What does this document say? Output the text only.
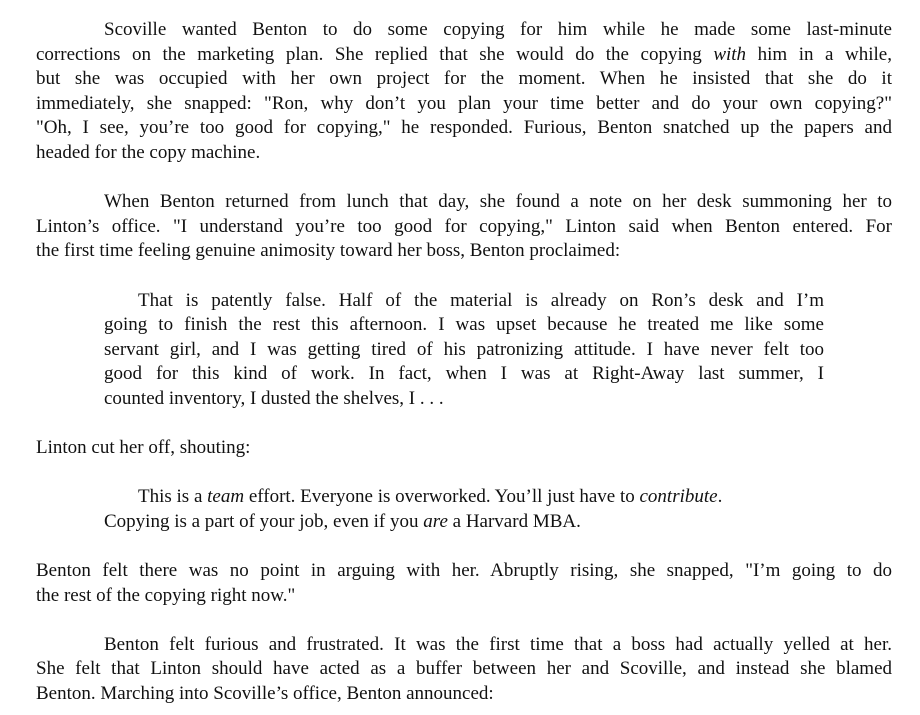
Scoville wanted Benton to do some copying for him while he made some last-minute
corrections on the marketing plan. She replied that she would do the copying with him in a while,
but she was occupied with her own project for the moment. When he insisted that she do it
immediately, she snapped: "Ron, why don’t you plan your time better and do your own copying?"
"Oh, I see, you’re too good for copying," he responded. Furious, Benton snatched up the papers and
headed for the copy machine.

When Benton returned from lunch that day, she found a note on her desk summoning her to
Linton’s office. "I understand you’re too good for copying," Linton said when Benton entered. For
the first time feeling genuine animosity toward her boss, Benton proclaimed:

That is patently false. Half of the material is already on Ron’s desk and I’m
going to finish the rest this afternoon. I was upset because he treated me like some
servant girl, and I was getting tired of his patronizing attitude. I have never felt too
good for this kind of work. In fact, when I was at Right-Away last summer, I
counted inventory, I dusted the shelves, I . . .

Linton cut her off, shouting:

This is a team effort. Everyone is overworked. You’ll just have to contribute.
Copying is a part of your job, even if you are a Harvard MBA.

Benton felt there was no point in arguing with her. Abruptly rising, she snapped, "I’m going to do
the rest of the copying right now."

Benton felt furious and frustrated. It was the first time that a boss had actually yelled at her.
She felt that Linton should have acted as a buffer between her and Scoville, and instead she blamed
Benton. Marching into Scoville’s office, Benton announced:
